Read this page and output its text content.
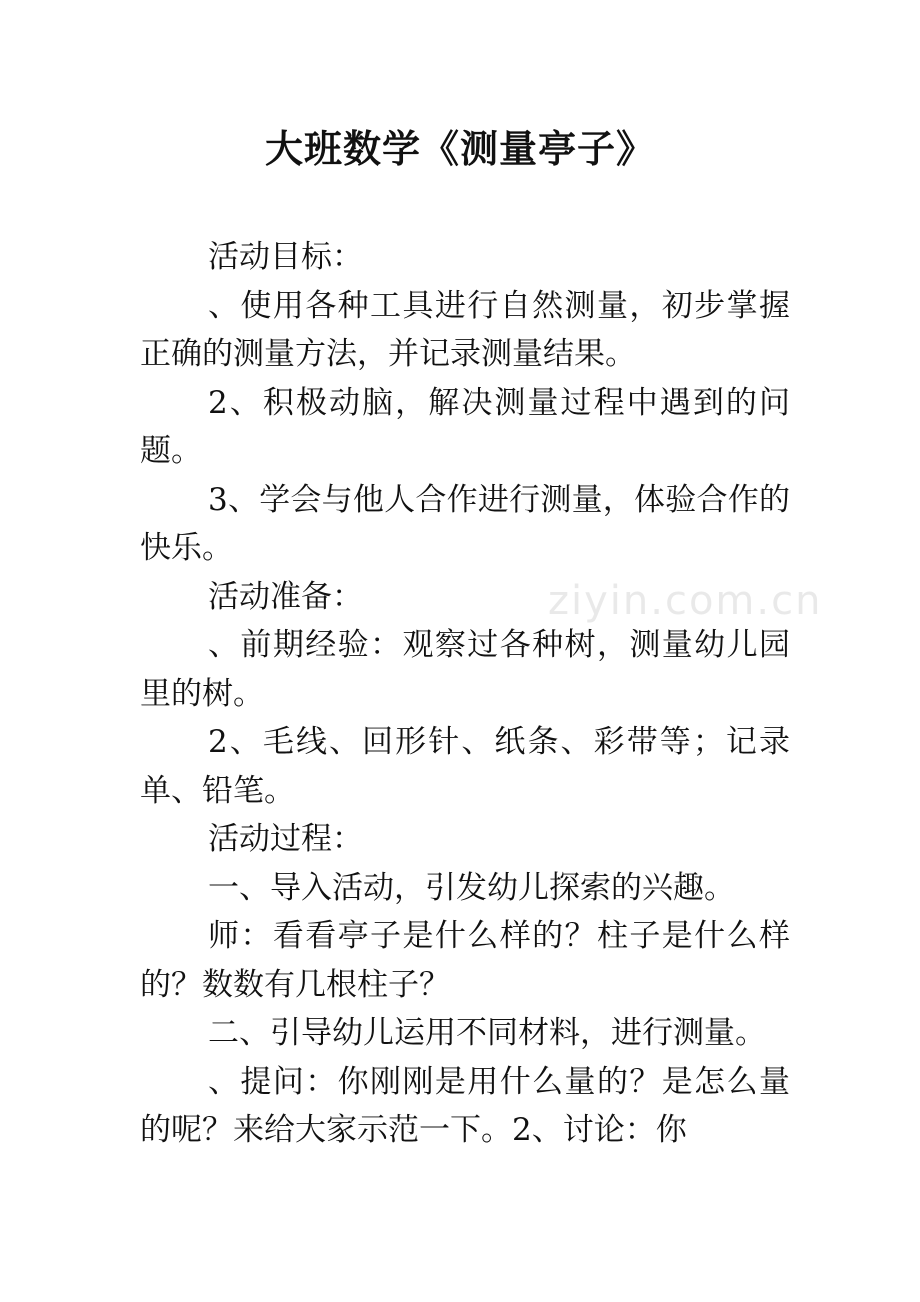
大班数学《测量亭子》
ziyin.com.cn

活动目标：

、使用各种工具进行自然测量，初步掌握正确的测量方法，并记录测量结果。

2、积极动脑，解决测量过程中遇到的问题。

3、学会与他人合作进行测量，体验合作的快乐。

活动准备：

、前期经验：观察过各种树，测量幼儿园里的树。

2、毛线、回形针、纸条、彩带等；记录单、铅笔。

活动过程：

一、导入活动，引发幼儿探索的兴趣。

师：看看亭子是什么样的？柱子是什么样的？数数有几根柱子？

二、引导幼儿运用不同材料，进行测量。

、提问：你刚刚是用什么量的？是怎么量的呢？来给大家示范一下。2、讨论：你
